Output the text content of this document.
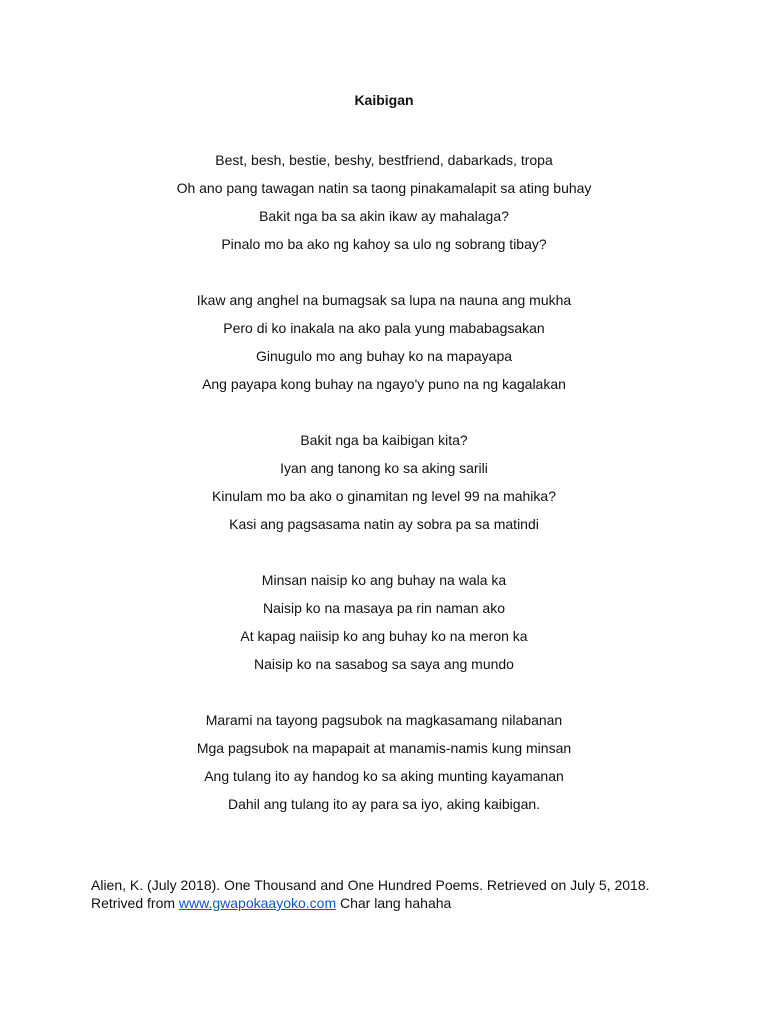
Kaibigan
Best, besh, bestie, beshy, bestfriend, dabarkads, tropa
Oh ano pang tawagan natin sa taong pinakamalapit sa ating buhay
Bakit nga ba sa akin ikaw ay mahalaga?
Pinalo mo ba ako ng kahoy sa ulo ng sobrang tibay?
Ikaw ang anghel na bumagsak sa lupa na nauna ang mukha
Pero di ko inakala na ako pala yung mababagsakan
Ginugulo mo ang buhay ko na mapayapa
Ang payapa kong buhay na ngayo'y puno na ng kagalakan
Bakit nga ba kaibigan kita?
Iyan ang tanong ko sa aking sarili
Kinulam mo ba ako o ginamitan ng level 99 na mahika?
Kasi ang pagsasama natin ay sobra pa sa matindi
Minsan naisip ko ang buhay na wala ka
Naisip ko na masaya pa rin naman ako
At kapag naiisip ko ang buhay ko na meron ka
Naisip ko na sasabog sa saya ang mundo
Marami na tayong pagsubok na magkasamang nilabanan
Mga pagsubok na mapapait at manamis-namis kung minsan
Ang tulang ito ay handog ko sa aking munting kayamanan
Dahil ang tulang ito ay para sa iyo, aking kaibigan.
Alien, K. (July 2018). One Thousand and One Hundred Poems. Retrieved on July 5, 2018.
Retrived from www.gwapokaayoko.com Char lang hahaha
